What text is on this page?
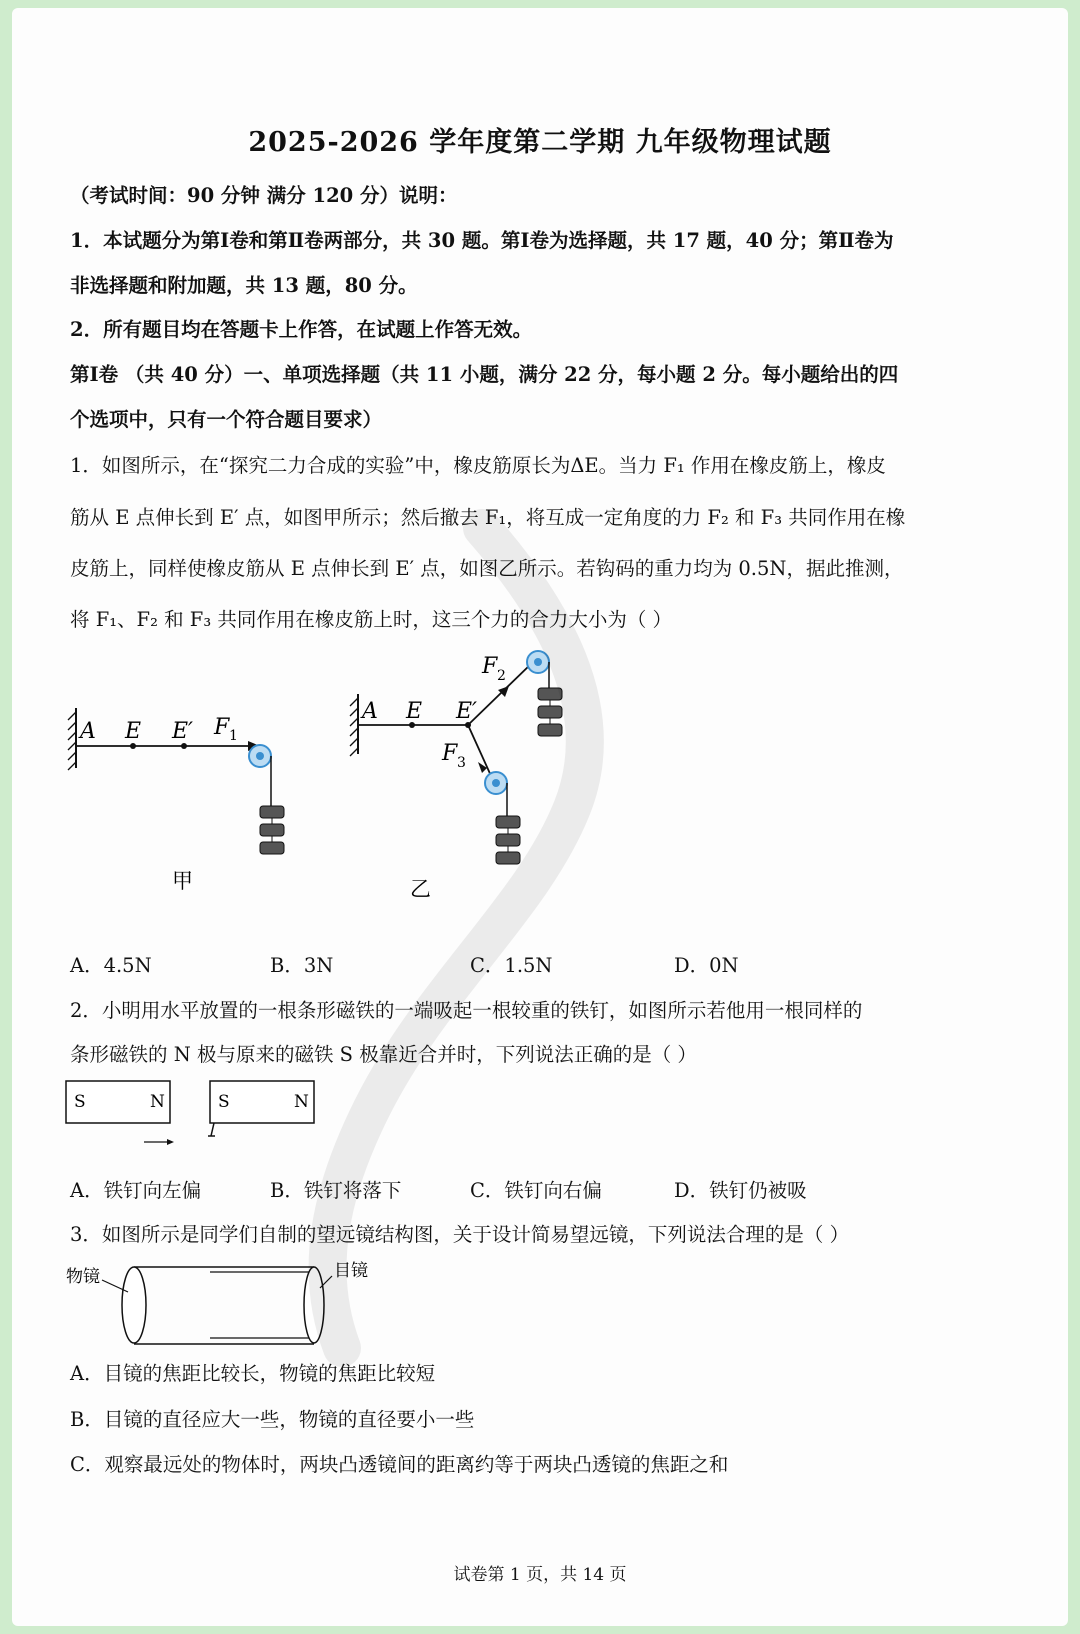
2025-2026 学年度第二学期 九年级物理试题
（考试时间：90 分钟 满分 120 分）说明：
1．本试题分为第Ⅰ卷和第Ⅱ卷两部分，共 30 题。第Ⅰ卷为选择题，共 17 题，40 分；第Ⅱ卷为
非选择题和附加题，共 13 题，80 分。
2．所有题目均在答题卡上作答，在试题上作答无效。
第Ⅰ卷 （共 40 分）一、单项选择题（共 11 小题，满分 22 分，每小题 2 分。每小题给出的四
个选项中，只有一个符合题目要求）
1．如图所示，在“探究二力合成的实验”中，橡皮筋原长为ΔE。当力 F₁ 作用在橡皮筋上，橡皮
筋从 E 点伸长到 E′ 点，如图甲所示；然后撤去 F₁，将互成一定角度的力 F₂ 和 F₃ 共同作用在橡
皮筋上，同样使橡皮筋从 E 点伸长到 E′ 点，如图乙所示。若钩码的重力均为 0.5N，据此推测，
将 F₁、F₂ 和 F₃ 共同作用在橡皮筋上时，这三个力的合力大小为（ ）
A E E′ F 1
甲
A E E′
F 2
F 3
乙
S	N	S	N
物镜	目镜
A．4.5N	B．3N	C．1.5N	D．0N
2．小明用水平放置的一根条形磁铁的一端吸起一根较重的铁钉，如图所示若他用一根同样的
条形磁铁的 N 极与原来的磁铁 S 极靠近合并时，下列说法正确的是（ ）
A．铁钉向左偏	B．铁钉将落下	C．铁钉向右偏	D．铁钉仍被吸
3．如图所示是同学们自制的望远镜结构图，关于设计简易望远镜，下列说法合理的是（ ）
A．目镜的焦距比较长，物镜的焦距比较短
B．目镜的直径应大一些，物镜的直径要小一些
C．观察最远处的物体时，两块凸透镜间的距离约等于两块凸透镜的焦距之和
试卷第 1 页，共 14 页
